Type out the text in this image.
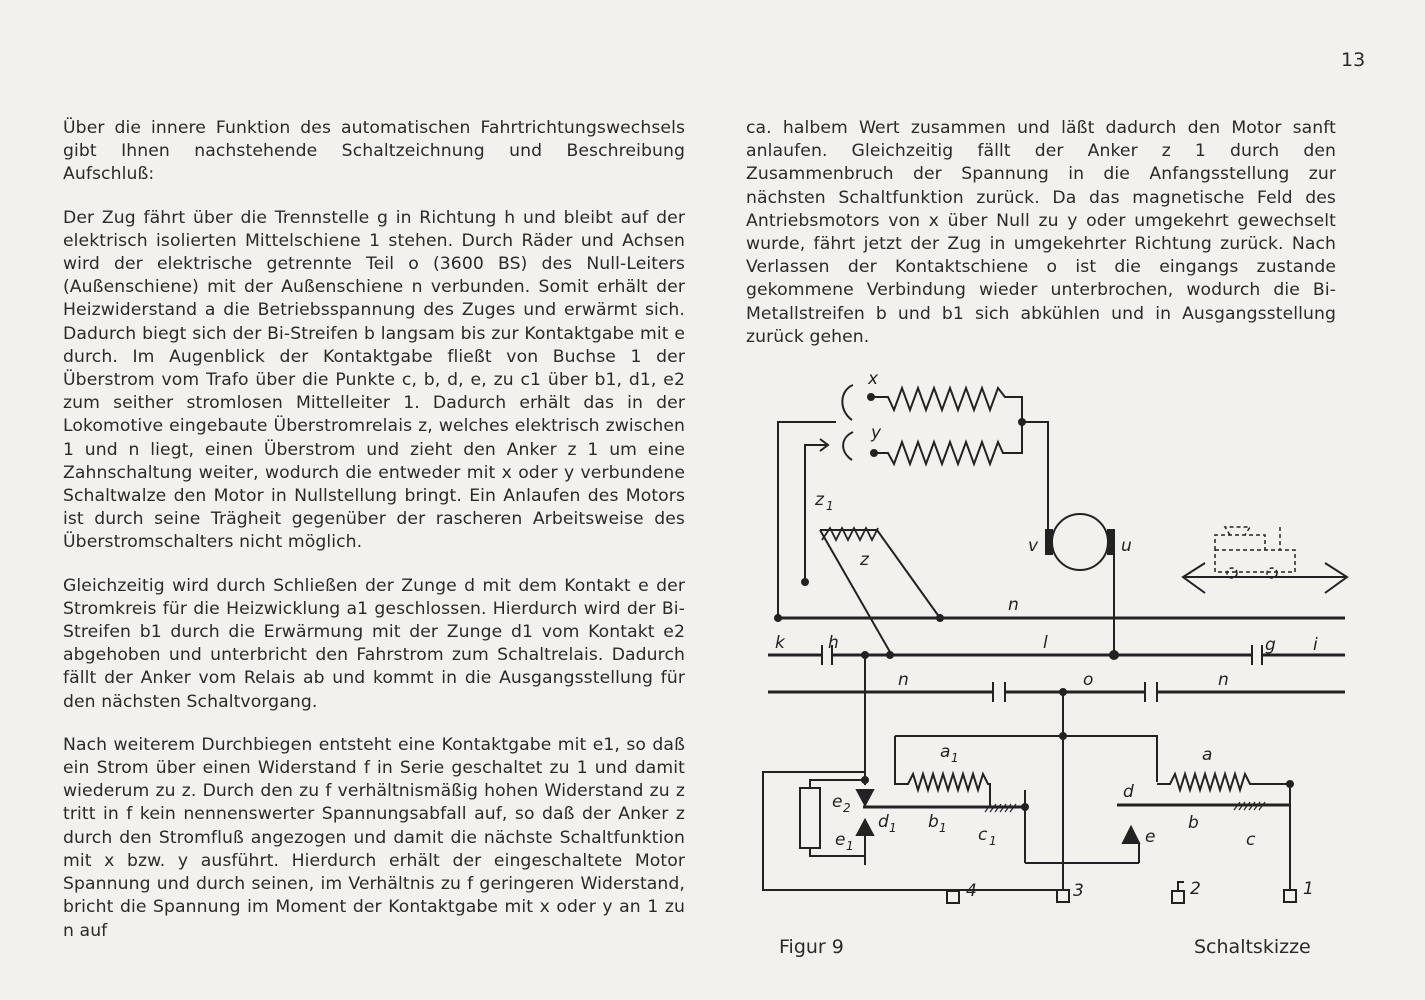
13

Über die innere Funktion des automatischen Fahrtrichtungswechsels gibt Ihnen nachstehende Schaltzeichnung und Beschreibung Aufschluß:

Der Zug fährt über die Trennstelle g in Richtung h und bleibt auf der elektrisch isolierten Mittelschiene 1 stehen. Durch Räder und Achsen wird der elektrische getrennte Teil o (3600 BS) des Null-Leiters (Außenschiene) mit der Außenschiene n verbunden. Somit erhält der Heizwiderstand a die Betriebsspannung des Zuges und erwärmt sich. Dadurch biegt sich der Bi-Streifen b langsam bis zur Kontaktgabe mit e durch. Im Augenblick der Kontaktgabe fließt von Buchse 1 der Überstrom vom Trafo über die Punkte c, b, d, e, zu c1 über b1, d1, e2 zum seither stromlosen Mittelleiter 1. Dadurch erhält das in der Lokomotive eingebaute Überstromrelais z, welches elektrisch zwischen 1 und n liegt, einen Überstrom und zieht den Anker z 1 um eine Zahnschaltung weiter, wodurch die entweder mit x oder y verbundene Schaltwalze den Motor in Nullstellung bringt. Ein Anlaufen des Motors ist durch seine Trägheit gegenüber der rascheren Arbeitsweise des Überstromschalters nicht möglich.

Gleichzeitig wird durch Schließen der Zunge d mit dem Kontakt e der Stromkreis für die Heizwicklung a1 geschlossen. Hierdurch wird der Bi-Streifen b1 durch die Erwärmung mit der Zunge d1 vom Kontakt e2 abgehoben und unterbricht den Fahrstrom zum Schaltrelais. Dadurch fällt der Anker vom Relais ab und kommt in die Ausgangsstellung für den nächsten Schaltvorgang.

Nach weiterem Durchbiegen entsteht eine Kontaktgabe mit e1, so daß ein Strom über einen Widerstand f in Serie geschaltet zu 1 und damit wiederum zu z. Durch den zu f verhältnismäßig hohen Widerstand zu z tritt in f kein nennenswerter Spannungsabfall auf, so daß der Anker z durch den Stromfluß angezogen und damit die nächste Schaltfunktion mit x bzw. y ausführt. Hierdurch erhält der eingeschaltete Motor Spannung und durch seinen, im Verhältnis zu f geringeren Widerstand, bricht die Spannung im Moment der Kontaktgabe mit x oder y an 1 zu n auf

ca. halbem Wert zusammen und läßt dadurch den Motor sanft anlaufen. Gleichzeitig fällt der Anker z 1 durch den Zusammenbruch der Spannung in die Anfangsstellung zur nächsten Schaltfunktion zurück. Da das magnetische Feld des Antriebsmotors von x über Null zu y oder umgekehrt gewechselt wurde, fährt jetzt der Zug in umgekehrter Richtung zurück. Nach Verlassen der Kontaktschiene o ist die eingangs zustande gekommene Verbindung wieder unterbrochen, wodurch die Bi-Metallstreifen b und b1 sich abkühlen und in Ausgangsstellung zurück gehen.

x
y
z 1
z
v	u
n
k	h	l	g i
n	o	n
a 1	a
e 2
d 1 b 1 c 1
e 1
d
e
b
c
4	3	2	1
Figur 9	Schaltskizze
